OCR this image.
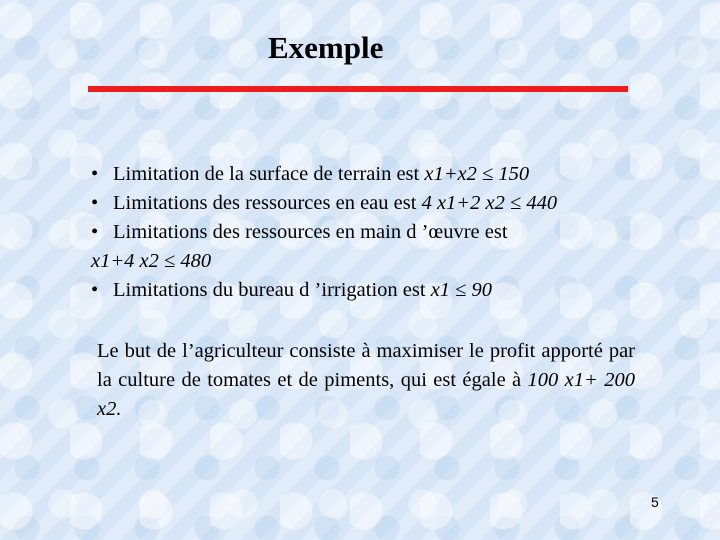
Exemple
• Limitation de la surface de terrain est x1+x2 ≤ 150
• Limitations des ressources en eau est 4 x1+2 x2 ≤ 440
• Limitations des ressources en main d ’œuvre est
x1+4 x2 ≤ 480
• Limitations du bureau d ’irrigation est x1 ≤ 90
Le but de l’agriculteur consiste à maximiser le profit apporté par la culture de tomates et de piments, qui est égale à 100 x1+ 200 x2.
5
